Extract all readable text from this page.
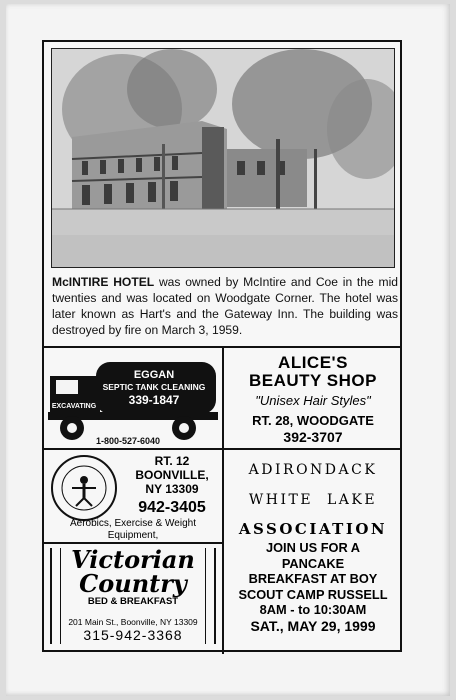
McINTIRE HOTEL was owned by McIntire and Coe in the mid twenties and was located on Woodgate Corner. The hotel was later known as Hart's and the Gateway Inn. The building was destroyed by fire on March 3, 1959.
EGGAN
SEPTIC TANK CLEANING
339-1847
EXCAVATING
1-800-527-6040
ALICE'S
BEAUTY SHOP
"Unisex Hair Styles"
RT. 28, WOODGATE
392-3707
RT. 12
BOONVILLE,
NY 13309
942-3405
Aerobics, Exercise & Weight Equipment,
Victorian
Country
BED & BREAKFAST
201 Main St., Boonville, NY 13309
315-942-3368
ADIRONDACK
WHITE  LAKE
ASSOCIATION
JOIN US FOR A
PANCAKE
BREAKFAST AT BOY
SCOUT CAMP RUSSELL
8AM - to 10:30AM
SAT., MAY 29, 1999
